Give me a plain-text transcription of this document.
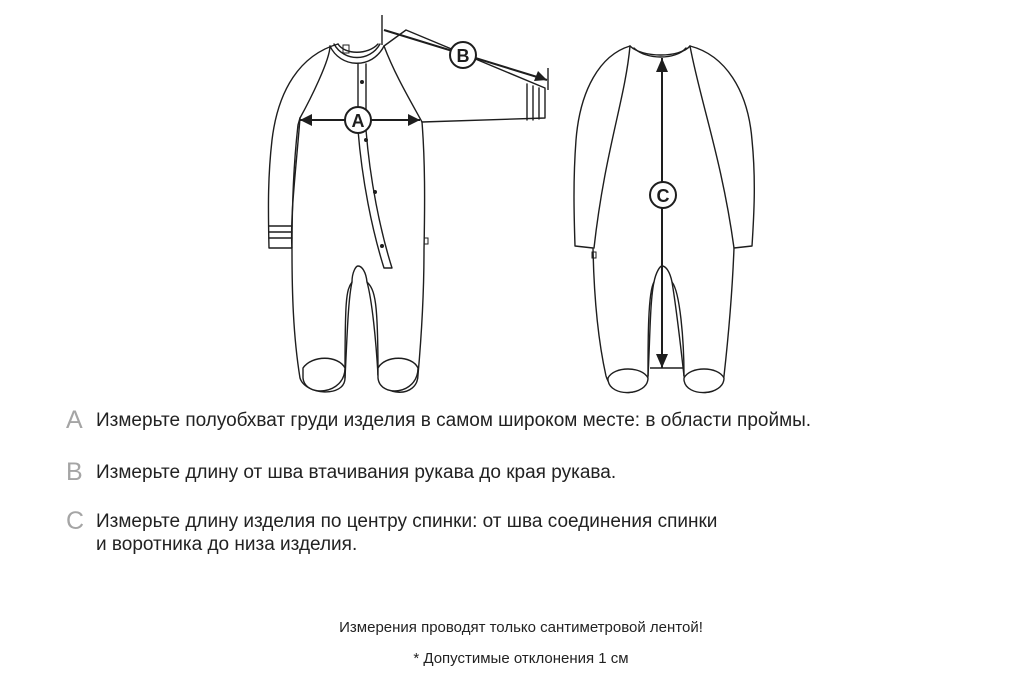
A
B
C
A Измерьте полуобхват груди изделия в самом широком месте: в области проймы.
B Измерьте длину от шва втачивания рукава до края рукава.
C Измерьте длину изделия по центру спинки: от шва соединения спинки
и воротника до низа изделия.
Измерения проводят только сантиметровой лентой!
* Допустимые отклонения 1 см
